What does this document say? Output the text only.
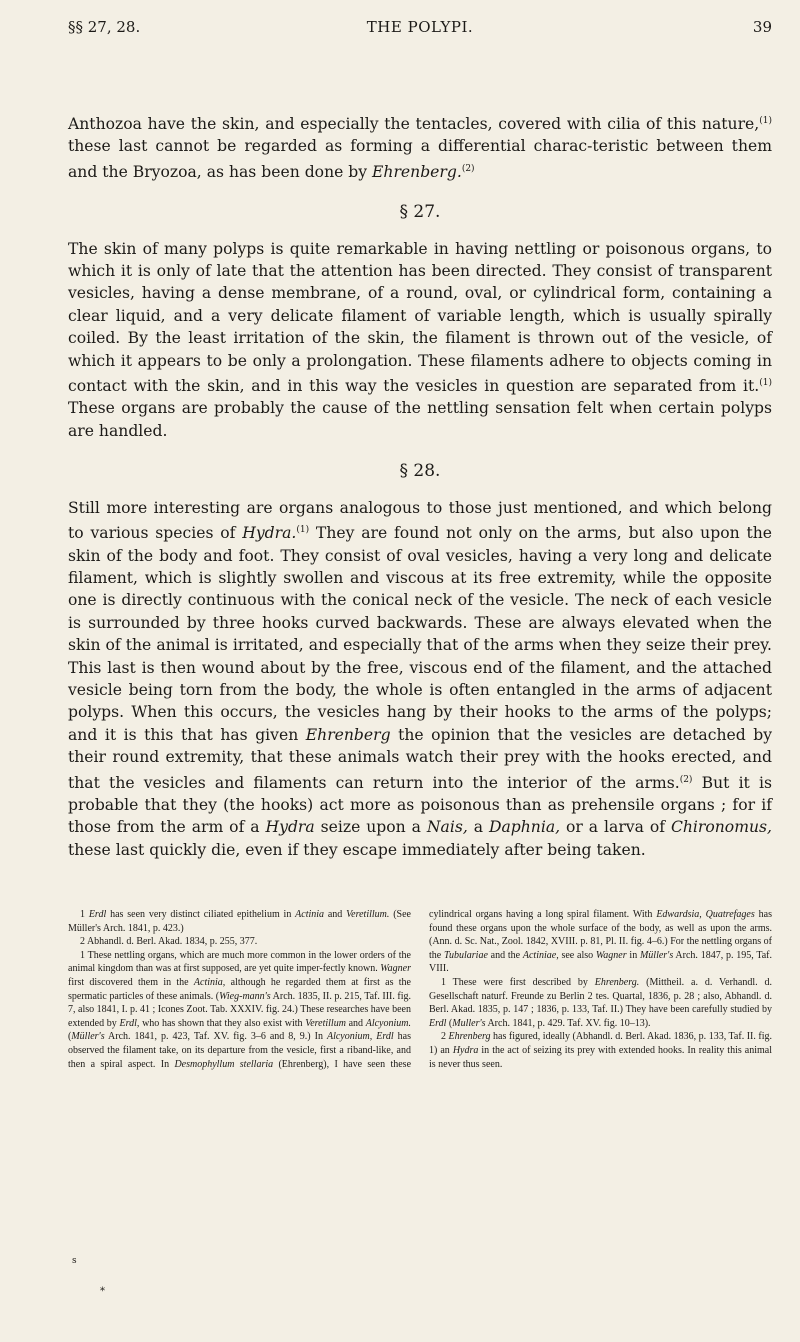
§§ 27, 28.	THE POLYPI.	39

Anthozoa have the skin, and especially the tentacles, covered with cilia of this nature,$^{(1)}$ these last cannot be regarded as forming a differential charac-teristic between them and the Bryozoa, as has been done by Ehrenberg.$^{(2)}$

§ 27.

The skin of many polyps is quite remarkable in having nettling or poisonous organs, to which it is only of late that the attention has been directed. They consist of transparent vesicles, having a dense membrane, of a round, oval, or cylindrical form, containing a clear liquid, and a very delicate filament of variable length, which is usually spirally coiled. By the least irritation of the skin, the filament is thrown out of the vesicle, of which it appears to be only a prolongation. These filaments adhere to objects coming in contact with the skin, and in this way the vesicles in question are separated from it.$^{(1)}$ These organs are probably the cause of the nettling sensation felt when certain polyps are handled.

§ 28.

Still more interesting are organs analogous to those just mentioned, and which belong to various species of Hydra.$^{(1)}$ They are found not only on the arms, but also upon the skin of the body and foot. They consist of oval vesicles, having a very long and delicate filament, which is slightly swollen and viscous at its free extremity, while the opposite one is directly continuous with the conical neck of the vesicle. The neck of each vesicle is surrounded by three hooks curved backwards. These are always elevated when the skin of the animal is irritated, and especially that of the arms when they seize their prey. This last is then wound about by the free, viscous end of the filament, and the attached vesicle being torn from the body, the whole is often entangled in the arms of adjacent polyps. When this occurs, the vesicles hang by their hooks to the arms of the polyps; and it is this that has given Ehrenberg the opinion that the vesicles are detached by their round extremity, that these animals watch their prey with the hooks erected, and that the vesicles and filaments can return into the interior of the arms.$^{(2)}$ But it is probable that they (the hooks) act more as poisonous than as prehensile organs ; for if those from the arm of a Hydra seize upon a Nais, a Daphnia, or a larva of Chironomus, these last quickly die, even if they escape immediately after being taken.

1 Erdl has seen very distinct ciliated epithelium in Actinia and Veretillum. (See Müller's Arch. 1841, p. 423.)

2 Abhandl. d. Berl. Akad. 1834, p. 255, 377.

1 These nettling organs, which are much more common in the lower orders of the animal kingdom than was at first supposed, are yet quite imper-fectly known. Wagner first discovered them in the Actinia, although he regarded them at first as the spermatic particles of these animals. (Wieg-mann's Arch. 1835, II. p. 215, Taf. III. fig. 7, also 1841, I. p. 41 ; Icones Zoot. Tab. XXXIV. fig. 24.) These researches have been extended by Erdl, who has shown that they also exist with Veretillum and Alcyonium. (Müller's Arch. 1841, p. 423, Taf. XV. fig. 3–6 and 8, 9.) In Alcyonium, Erdl has observed the filament take, on its departure from the vesicle, first a riband-like, and then a spiral aspect. In Desmophyllum stellaria (Ehrenberg), I have seen these cylindrical organs having a long spiral filament. With Edwardsia, Quatrefages has found these organs upon the whole surface of the body, as well as upon the arms. (Ann. d. Sc. Nat., Zool. 1842, XVIII. p. 81, Pl. II. fig. 4–6.) For the nettling organs of the Tubulariae and the Actiniae, see also Wagner in Müller's Arch. 1847, p. 195, Taf. VIII.

1 These were first described by Ehrenberg. (Mittheil. a. d. Verhandl. d. Gesellschaft naturf. Freunde zu Berlin 2 tes. Quartal, 1836, p. 28 ; also, Abhandl. d. Berl. Akad. 1835, p. 147 ; 1836, p. 133, Taf. II.) They have been carefully studied by Erdl (Muller's Arch. 1841, p. 429. Taf. XV. fig. 10–13).

2 Ehrenberg has figured, ideally (Abhandl. d. Berl. Akad. 1836, p. 133, Taf. II. fig. 1) an Hydra in the act of seizing its prey with extended hooks. In reality this animal is never thus seen.

s
*
